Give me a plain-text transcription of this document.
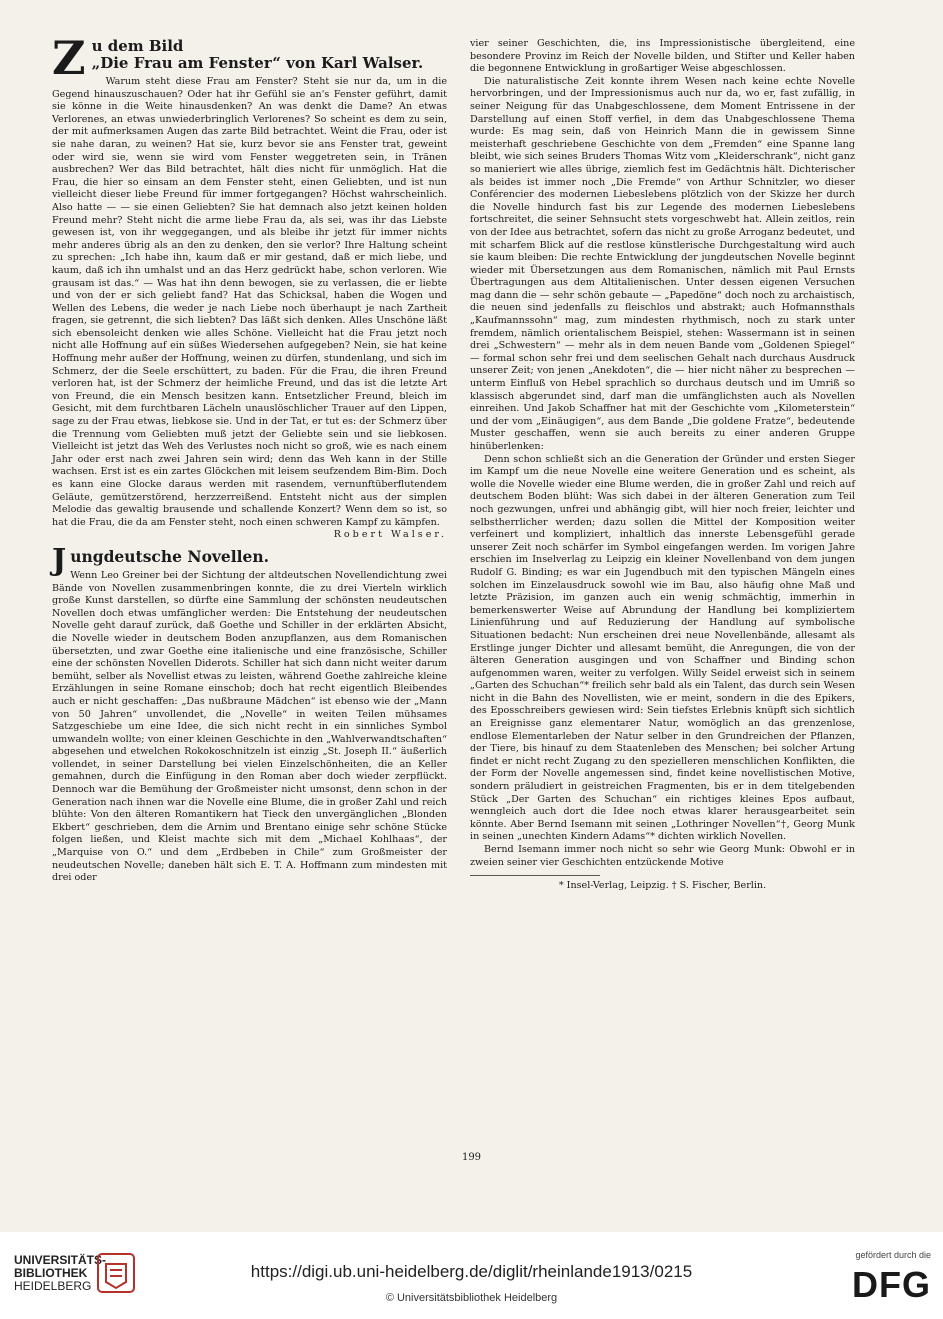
Z u dem Bild
„Die Frau am Fenster“ von Karl Walser.

Warum steht diese Frau am Fenster? Steht sie nur da, um in die Gegend hinauszuschauen? Oder hat ihr Gefühl sie an's Fenster geführt, damit sie könne in die Weite hinausdenken? An was denkt die Dame? An etwas Verlorenes, an etwas unwiederbringlich Verlorenes? So scheint es dem zu sein, der mit aufmerksamen Augen das zarte Bild betrachtet. Weint die Frau, oder ist sie nahe daran, zu weinen? Hat sie, kurz bevor sie ans Fenster trat, geweint oder wird sie, wenn sie wird vom Fenster weggetreten sein, in Tränen ausbrechen? Wer das Bild betrachtet, hält dies nicht für unmöglich. Hat die Frau, die hier so einsam an dem Fenster steht, einen Geliebten, und ist nun vielleicht dieser liebe Freund für immer fortgegangen? Höchst wahrscheinlich. Also hatte — — sie einen Geliebten? Sie hat demnach also jetzt keinen holden Freund mehr? Steht nicht die arme liebe Frau da, als sei, was ihr das Liebste gewesen ist, von ihr weggegangen, und als bleibe ihr jetzt für immer nichts mehr anderes übrig als an den zu denken, den sie verlor? Ihre Haltung scheint zu sprechen: „Ich habe ihn, kaum daß er mir gestand, daß er mich liebe, und kaum, daß ich ihn umhalst und an das Herz gedrückt habe, schon verloren. Wie grausam ist das.“ — Was hat ihn denn bewogen, sie zu verlassen, die er liebte und von der er sich geliebt fand? Hat das Schicksal, haben die Wogen und Wellen des Lebens, die weder je nach Liebe noch überhaupt je nach Zartheit fragen, sie getrennt, die sich liebten? Das läßt sich denken. Alles Unschöne läßt sich ebensoleicht denken wie alles Schöne. Vielleicht hat die Frau jetzt noch nicht alle Hoffnung auf ein süßes Wiedersehen aufgegeben? Nein, sie hat keine Hoffnung mehr außer der Hoffnung, weinen zu dürfen, stundenlang, und sich im Schmerz, der die Seele erschüttert, zu baden. Für die Frau, die ihren Freund verloren hat, ist der Schmerz der heimliche Freund, und das ist die letzte Art von Freund, die ein Mensch besitzen kann. Entsetzlicher Freund, bleich im Gesicht, mit dem furchtbaren Lächeln unauslöschlicher Trauer auf den Lippen, sage zu der Frau etwas, liebkose sie. Und in der Tat, er tut es: der Schmerz über die Trennung vom Geliebten muß jetzt der Geliebte sein und sie liebkosen. Vielleicht ist jetzt das Weh des Verlustes noch nicht so groß, wie es nach einem Jahr oder erst nach zwei Jahren sein wird; denn das Weh kann in der Stille wachsen. Erst ist es ein zartes Glöckchen mit leisem seufzendem Bim-Bim. Doch es kann eine Glocke daraus werden mit rasendem, vernunftüberflutendem Geläute, gemützerstörend, herzzerreißend. Entsteht nicht aus der simplen Melodie das gewaltig brausende und schallende Konzert? Wenn dem so ist, so hat die Frau, die da am Fenster steht, noch einen schweren Kampf zu kämpfen.

Robert Walser.

J ungdeutsche Novellen.

Wenn Leo Greiner bei der Sichtung der altdeutschen Novellendichtung zwei Bände von Novellen zusammenbringen konnte, die zu drei Vierteln wirklich große Kunst darstellen, so dürfte eine Sammlung der schönsten neudeutschen Novellen doch etwas umfänglicher werden: Die Entstehung der neudeutschen Novelle geht darauf zurück, daß Goethe und Schiller in der erklärten Absicht, die Novelle wieder in deutschem Boden anzupflanzen, aus dem Romanischen übersetzten, und zwar Goethe eine italienische und eine französische, Schiller eine der schönsten Novellen Diderots. Schiller hat sich dann nicht weiter darum bemüht, selber als Novellist etwas zu leisten, während Goethe zahlreiche kleine Erzählungen in seine Romane einschob; doch hat recht eigentlich Bleibendes auch er nicht geschaffen: „Das nußbraune Mädchen“ ist ebenso wie der „Mann von 50 Jahren“ unvollendet, die „Novelle“ in weiten Teilen mühsames Satzgeschiebe um eine Idee, die sich nicht recht in ein sinnliches Symbol umwandeln wollte; von einer kleinen Geschichte in den „Wahlverwandtschaften“ abgesehen und etwelchen Rokokoschnitzeln ist einzig „St. Joseph II.“ äußerlich vollendet, in seiner Darstellung bei vielen Einzelschönheiten, die an Keller gemahnen, durch die Einfügung in den Roman aber doch wieder zerpflückt. Dennoch war die Bemühung der Großmeister nicht umsonst, denn schon in der Generation nach ihnen war die Novelle eine Blume, die in großer Zahl und reich blühte: Von den älteren Romantikern hat Tieck den unvergänglichen „Blonden Ekbert“ geschrieben, dem die Arnim und Brentano einige sehr schöne Stücke folgen ließen, und Kleist machte sich mit dem „Michael Kohlhaas“, der „Marquise von O.“ und dem „Erdbeben in Chile“ zum Großmeister der neudeutschen Novelle; daneben hält sich E. T. A. Hoffmann zum mindesten mit drei oder

vier seiner Geschichten, die, ins Impressionistische übergleitend, eine besondere Provinz im Reich der Novelle bilden, und Stifter und Keller haben die begonnene Entwicklung in großartiger Weise abgeschlossen.

Die naturalistische Zeit konnte ihrem Wesen nach keine echte Novelle hervorbringen, und der Impressionismus auch nur da, wo er, fast zufällig, in seiner Neigung für das Unabgeschlossene, dem Moment Entrissene in der Darstellung auf einen Stoff verfiel, in dem das Unabgeschlossene Thema wurde: Es mag sein, daß von Heinrich Mann die in gewissem Sinne meisterhaft geschriebene Geschichte von dem „Fremden“ eine Spanne lang bleibt, wie sich seines Bruders Thomas Witz vom „Kleiderschrank“, nicht ganz so manieriert wie alles übrige, ziemlich fest im Gedächtnis hält. Dichterischer als beides ist immer noch „Die Fremde“ von Arthur Schnitzler, wo dieser Conférencier des modernen Liebeslebens plötzlich von der Skizze her durch die Novelle hindurch fast bis zur Legende des modernen Liebeslebens fortschreitet, die seiner Sehnsucht stets vorgeschwebt hat. Allein zeitlos, rein von der Idee aus betrachtet, sofern das nicht zu große Arroganz bedeutet, und mit scharfem Blick auf die restlose künstlerische Durchgestaltung wird auch sie kaum bleiben: Die rechte Entwicklung der jungdeutschen Novelle beginnt wieder mit Übersetzungen aus dem Romanischen, nämlich mit Paul Ernsts Übertragungen aus dem Altitalienischen. Unter dessen eigenen Versuchen mag dann die — sehr schön gebaute — „Papedöne“ doch noch zu archaistisch, die neuen sind jedenfalls zu fleischlos und abstrakt; auch Hofmannsthals „Kaufmannssohn“ mag, zum mindesten rhythmisch, noch zu stark unter fremdem, nämlich orientalischem Beispiel, stehen: Wassermann ist in seinen drei „Schwestern“ — mehr als in dem neuen Bande vom „Goldenen Spiegel“ — formal schon sehr frei und dem seelischen Gehalt nach durchaus Ausdruck unserer Zeit; von jenen „Anekdoten“, die — hier nicht näher zu besprechen — unterm Einfluß von Hebel sprachlich so durchaus deutsch und im Umriß so klassisch abgerundet sind, darf man die umfänglichsten auch als Novellen einreihen. Und Jakob Schaffner hat mit der Geschichte vom „Kilometerstein“ und der vom „Einäugigen“, aus dem Bande „Die goldene Fratze“, bedeutende Muster geschaffen, wenn sie auch bereits zu einer anderen Gruppe hinüberlenken:

Denn schon schließt sich an die Generation der Gründer und ersten Sieger im Kampf um die neue Novelle eine weitere Generation und es scheint, als wolle die Novelle wieder eine Blume werden, die in großer Zahl und reich auf deutschem Boden blüht: Was sich dabei in der älteren Generation zum Teil noch gezwungen, unfrei und abhängig gibt, will hier noch freier, leichter und selbstherrlicher werden; dazu sollen die Mittel der Komposition weiter verfeinert und kompliziert, inhaltlich das innerste Lebensgefühl gerade unserer Zeit noch schärfer im Symbol eingefangen werden. Im vorigen Jahre erschien im Inselverlag zu Leipzig ein kleiner Novellenband von dem jungen Rudolf G. Binding; es war ein Jugendbuch mit den typischen Mängeln eines solchen im Einzelausdruck sowohl wie im Bau, also häufig ohne Maß und letzte Präzision, im ganzen auch ein wenig schmächtig, immerhin in bemerkenswerter Weise auf Abrundung der Handlung bei kompliziertem Linienführung und auf Reduzierung der Handlung auf symbolische Situationen bedacht: Nun erscheinen drei neue Novellenbände, allesamt als Erstlinge junger Dichter und allesamt bemüht, die Anregungen, die von der älteren Generation ausgingen und von Schaffner und Binding schon aufgenommen waren, weiter zu verfolgen. Willy Seidel erweist sich in seinem „Garten des Schuchan“* freilich sehr bald als ein Talent, das durch sein Wesen nicht in die Bahn des Novellisten, wie er meint, sondern in die des Epikers, des Eposschreibers gewiesen wird: Sein tiefstes Erlebnis knüpft sich sichtlich an Ereignisse ganz elementarer Natur, womöglich an das grenzenlose, endlose Elementarleben der Natur selber in den Grundreichen der Pflanzen, der Tiere, bis hinauf zu dem Staatenleben des Menschen; bei solcher Artung findet er nicht recht Zugang zu den spezielleren menschlichen Konflikten, die der Form der Novelle angemessen sind, findet keine novellistischen Motive, sondern präludiert in geistreichen Fragmenten, bis er in dem titelgebenden Stück „Der Garten des Schuchan“ ein richtiges kleines Epos aufbaut, wenngleich auch dort die Idee noch etwas klarer herausgearbeitet sein könnte. Aber Bernd Isemann mit seinen „Lothringer Novellen“†, Georg Munk in seinen „unechten Kindern Adams“* dichten wirklich Novellen.

Bernd Isemann immer noch nicht so sehr wie Georg Munk: Obwohl er in zweien seiner vier Geschichten entzückende Motive

* Insel-Verlag, Leipzig. † S. Fischer, Berlin.

199
UNIVERSITÄTS-
BIBLIOTHEK
HEIDELBERG
https://digi.ub.uni-heidelberg.de/diglit/rheinlande1913/0215
© Universitätsbibliothek Heidelberg
gefördert durch die
DFG
